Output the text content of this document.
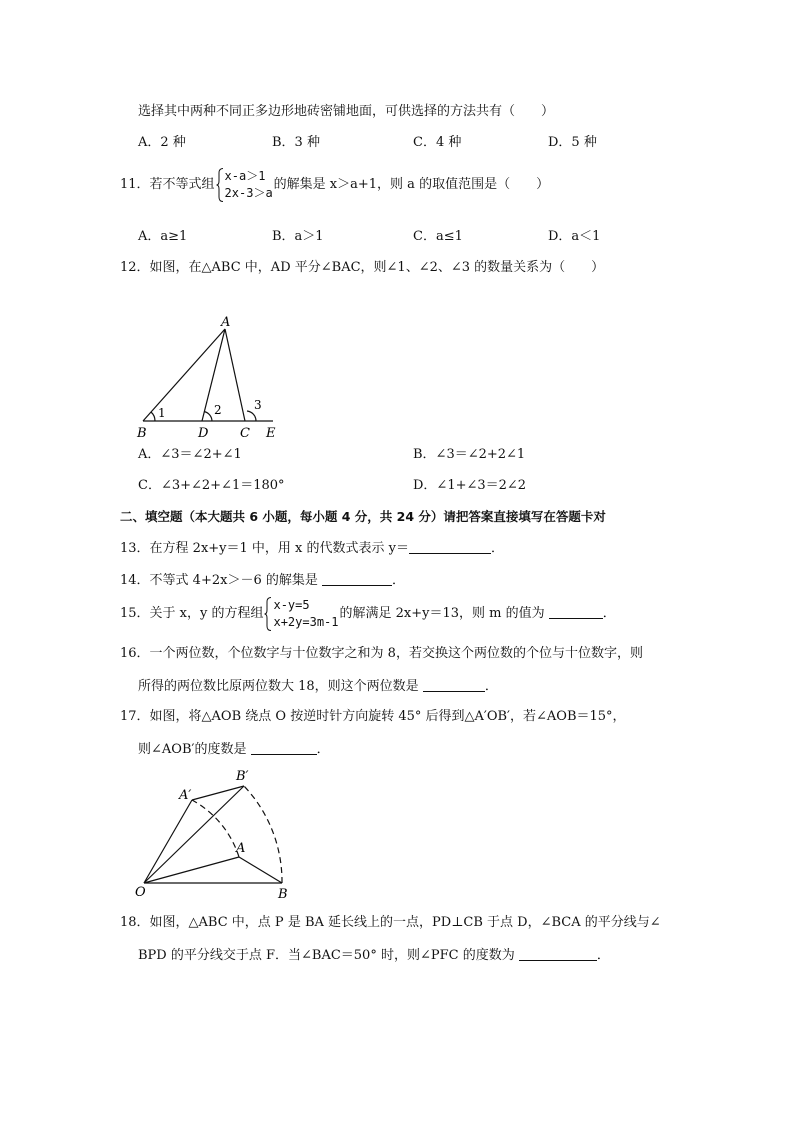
选择其中两种不同正多边形地砖密铺地面，可供选择的方法共有（　　）
A．2 种	B．3 种	C．4 种	D．5 种
11．若不等式组
x-a＞1
2x-3＞a
的解集是 x＞a+1，则 a 的取值范围是（　　）
A．a≥1	B．a＞1	C．a≤1	D．a＜1
12．如图，在△ABC 中，AD 平分∠BAC，则∠1、∠2、∠3 的数量关系为（　　）
A
B	D C E
1	2	3
A．∠3＝∠2+∠1	B．∠3＝∠2+2∠1
C．∠3+∠2+∠1＝180°	D．∠1+∠3＝2∠2
二、填空题（本大题共 6 小题，每小题 4 分，共 24 分）请把答案直接填写在答题卡对
13．在方程 2x+y＝1 中，用 x 的代数式表示 y＝	．
14．不等式 4+2x＞－6 的解集是	．
15．关于 x，y 的方程组
x-y=5
x+2y=3m-1
的解满足 2x+y＝13，则 m 的值为	．
16．一个两位数，个位数字与十位数字之和为 8，若交换这个两位数的个位与十位数字，则
所得的两位数比原两位数大 18，则这个两位数是	．
17．如图，将△AOB 绕点 O 按逆时针方向旋转 45° 后得到△A′OB′，若∠AOB＝15°，
则∠AOB′的度数是	．
O	B
A
A′
B′
18．如图，△ABC 中，点 P 是 BA 延长线上的一点，PD⊥CB 于点 D，∠BCA 的平分线与∠
BPD 的平分线交于点 F．当∠BAC＝50° 时，则∠PFC 的度数为	．
